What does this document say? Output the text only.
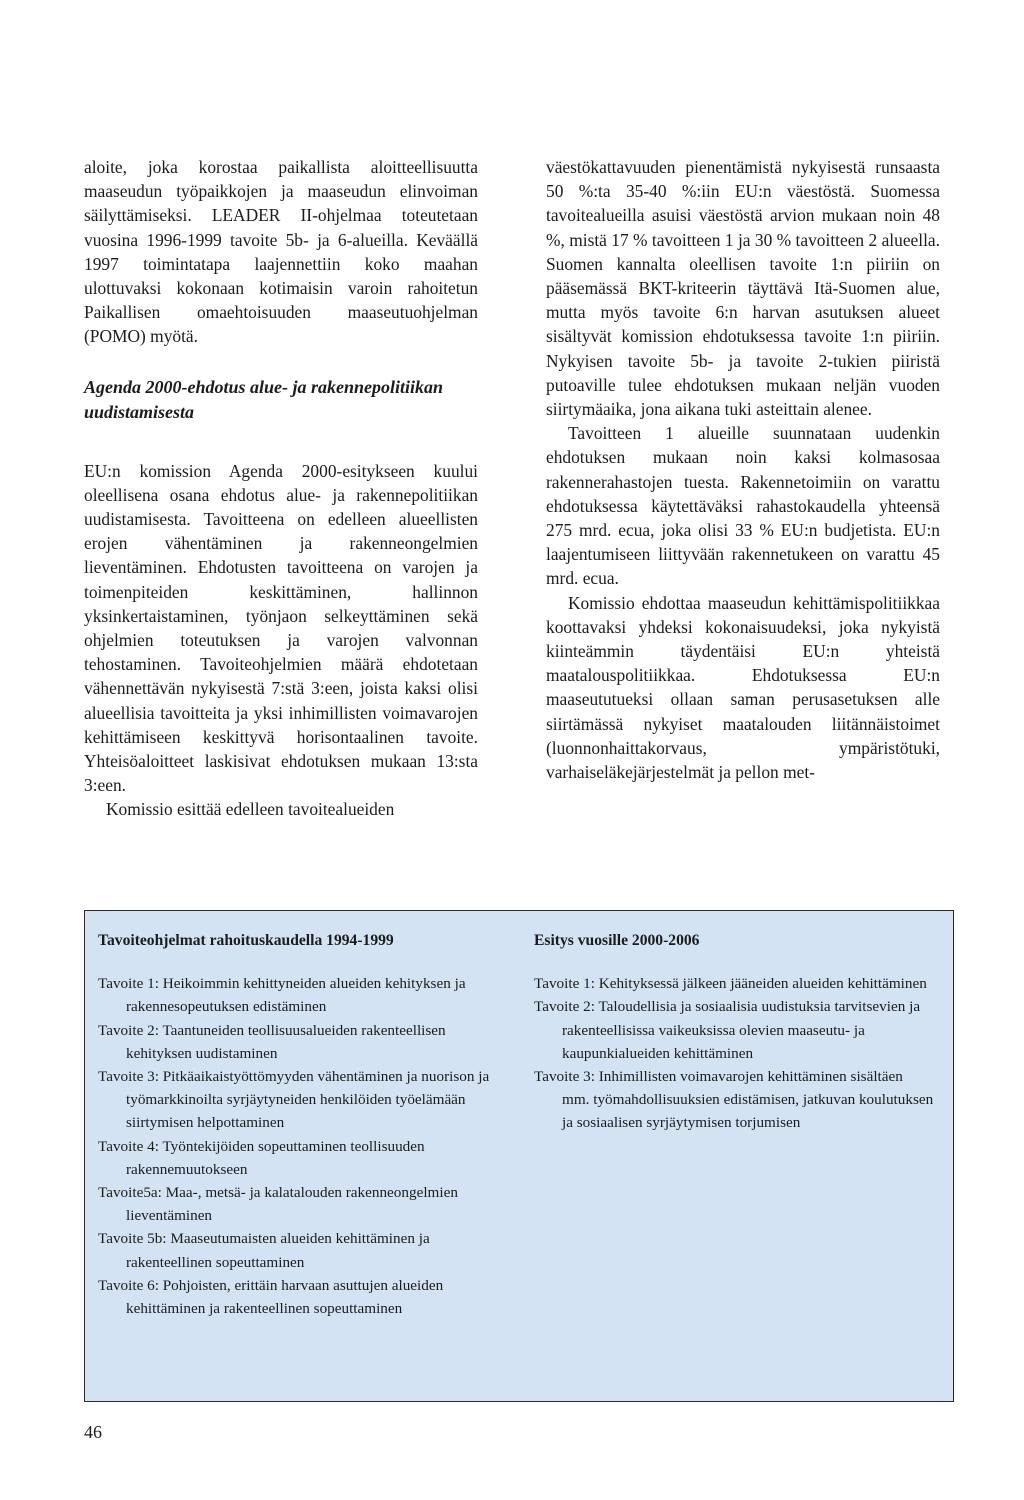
aloite, joka korostaa paikallista aloitteellisuutta maaseudun työpaikkojen ja maaseudun elinvoiman säilyttämiseksi. LEADER II-ohjelmaa toteutetaan vuosina 1996-1999 tavoite 5b- ja 6-alueilla. Keväällä 1997 toimintatapa laajennettiin koko maahan ulottuvaksi kokonaan kotimaisin varoin rahoitetun Paikallisen omaehtoisuuden maaseutuohjelman (POMO) myötä.

Agenda 2000-ehdotus alue- ja rakennepolitiikan uudistamisesta

EU:n komission Agenda 2000-esitykseen kuului oleellisena osana ehdotus alue- ja rakennepolitiikan uudistamisesta. Tavoitteena on edelleen alueellisten erojen vähentäminen ja rakenneongelmien lieventäminen. Ehdotusten tavoitteena on varojen ja toimenpiteiden keskittäminen, hallinnon yksinkertaistaminen, työnjaon selkeyttäminen sekä ohjelmien toteutuksen ja varojen valvonnan tehostaminen. Tavoiteohjelmien määrä ehdotetaan vähennettävän nykyisestä 7:stä 3:een, joista kaksi olisi alueellisia tavoitteita ja yksi inhimillisten voimavarojen kehittämiseen keskittyvä horisontaalinen tavoite. Yhteisöaloitteet laskisivat ehdotuksen mukaan 13:sta 3:een.

Komissio esittää edelleen tavoitealueiden

väestökattavuuden pienentämistä nykyisestä runsaasta 50 %:ta 35-40 %:iin EU:n väestöstä. Suomessa tavoitealueilla asuisi väestöstä arvion mukaan noin 48 %, mistä 17 % tavoitteen 1 ja 30 % tavoitteen 2 alueella. Suomen kannalta oleellisen tavoite 1:n piiriin on pääsemässä BKT-kriteerin täyttävä Itä-Suomen alue, mutta myös tavoite 6:n harvan asutuksen alueet sisältyvät komission ehdotuksessa tavoite 1:n piiriin. Nykyisen tavoite 5b- ja tavoite 2-tukien piiristä putoaville tulee ehdotuksen mukaan neljän vuoden siirtymäaika, jona aikana tuki asteittain alenee.

Tavoitteen 1 alueille suunnataan uudenkin ehdotuksen mukaan noin kaksi kolmasosaa rakennerahastojen tuesta. Rakennetoimiin on varattu ehdotuksessa käytettäväksi rahastokaudella yhteensä 275 mrd. ecua, joka olisi 33 % EU:n budjetista. EU:n laajentumiseen liittyvään rakennetukeen on varattu 45 mrd. ecua.

Komissio ehdottaa maaseudun kehittämispolitiikkaa koottavaksi yhdeksi kokonaisuudeksi, joka nykyistä kiinteämmin täydentäisi EU:n yhteistä maatalouspolitiikkaa. Ehdotuksessa EU:n maaseututueksi ollaan saman perusasetuksen alle siirtämässä nykyiset maatalouden liitännäistoimet (luonnonhaittakorvaus, ympäristötuki, varhaiseläkejärjestelmät ja pellon met-

Tavoiteohjelmat rahoituskaudella 1994-1999

Tavoite 1: Heikoimmin kehittyneiden alueiden kehityksen ja rakennesopeutuksen edistäminen

Tavoite 2: Taantuneiden teollisuusalueiden rakenteellisen kehityksen uudistaminen

Tavoite 3: Pitkäaikaistyöttömyyden vähentäminen ja nuorison ja työmarkkinoilta syrjäytyneiden henkilöiden työelämään siirtymisen helpottaminen

Tavoite 4: Työntekijöiden sopeuttaminen teollisuuden rakennemuutokseen

Tavoite5a: Maa-, metsä- ja kalatalouden rakenneongelmien lieventäminen

Tavoite 5b: Maaseutumaisten alueiden kehittäminen ja rakenteellinen sopeuttaminen

Tavoite 6: Pohjoisten, erittäin harvaan asuttujen alueiden kehittäminen ja rakenteellinen sopeuttaminen

Esitys vuosille 2000-2006

Tavoite 1: Kehityksessä jälkeen jääneiden alueiden kehittäminen

Tavoite 2: Taloudellisia ja sosiaalisia uudistuksia tarvitsevien ja rakenteellisissa vaikeuksissa olevien maaseutu- ja kaupunkialueiden kehittäminen

Tavoite 3: Inhimillisten voimavarojen kehittäminen sisältäen mm. työmahdollisuuksien edistämisen, jatkuvan koulutuksen ja sosiaalisen syrjäytymisen torjumisen

46
